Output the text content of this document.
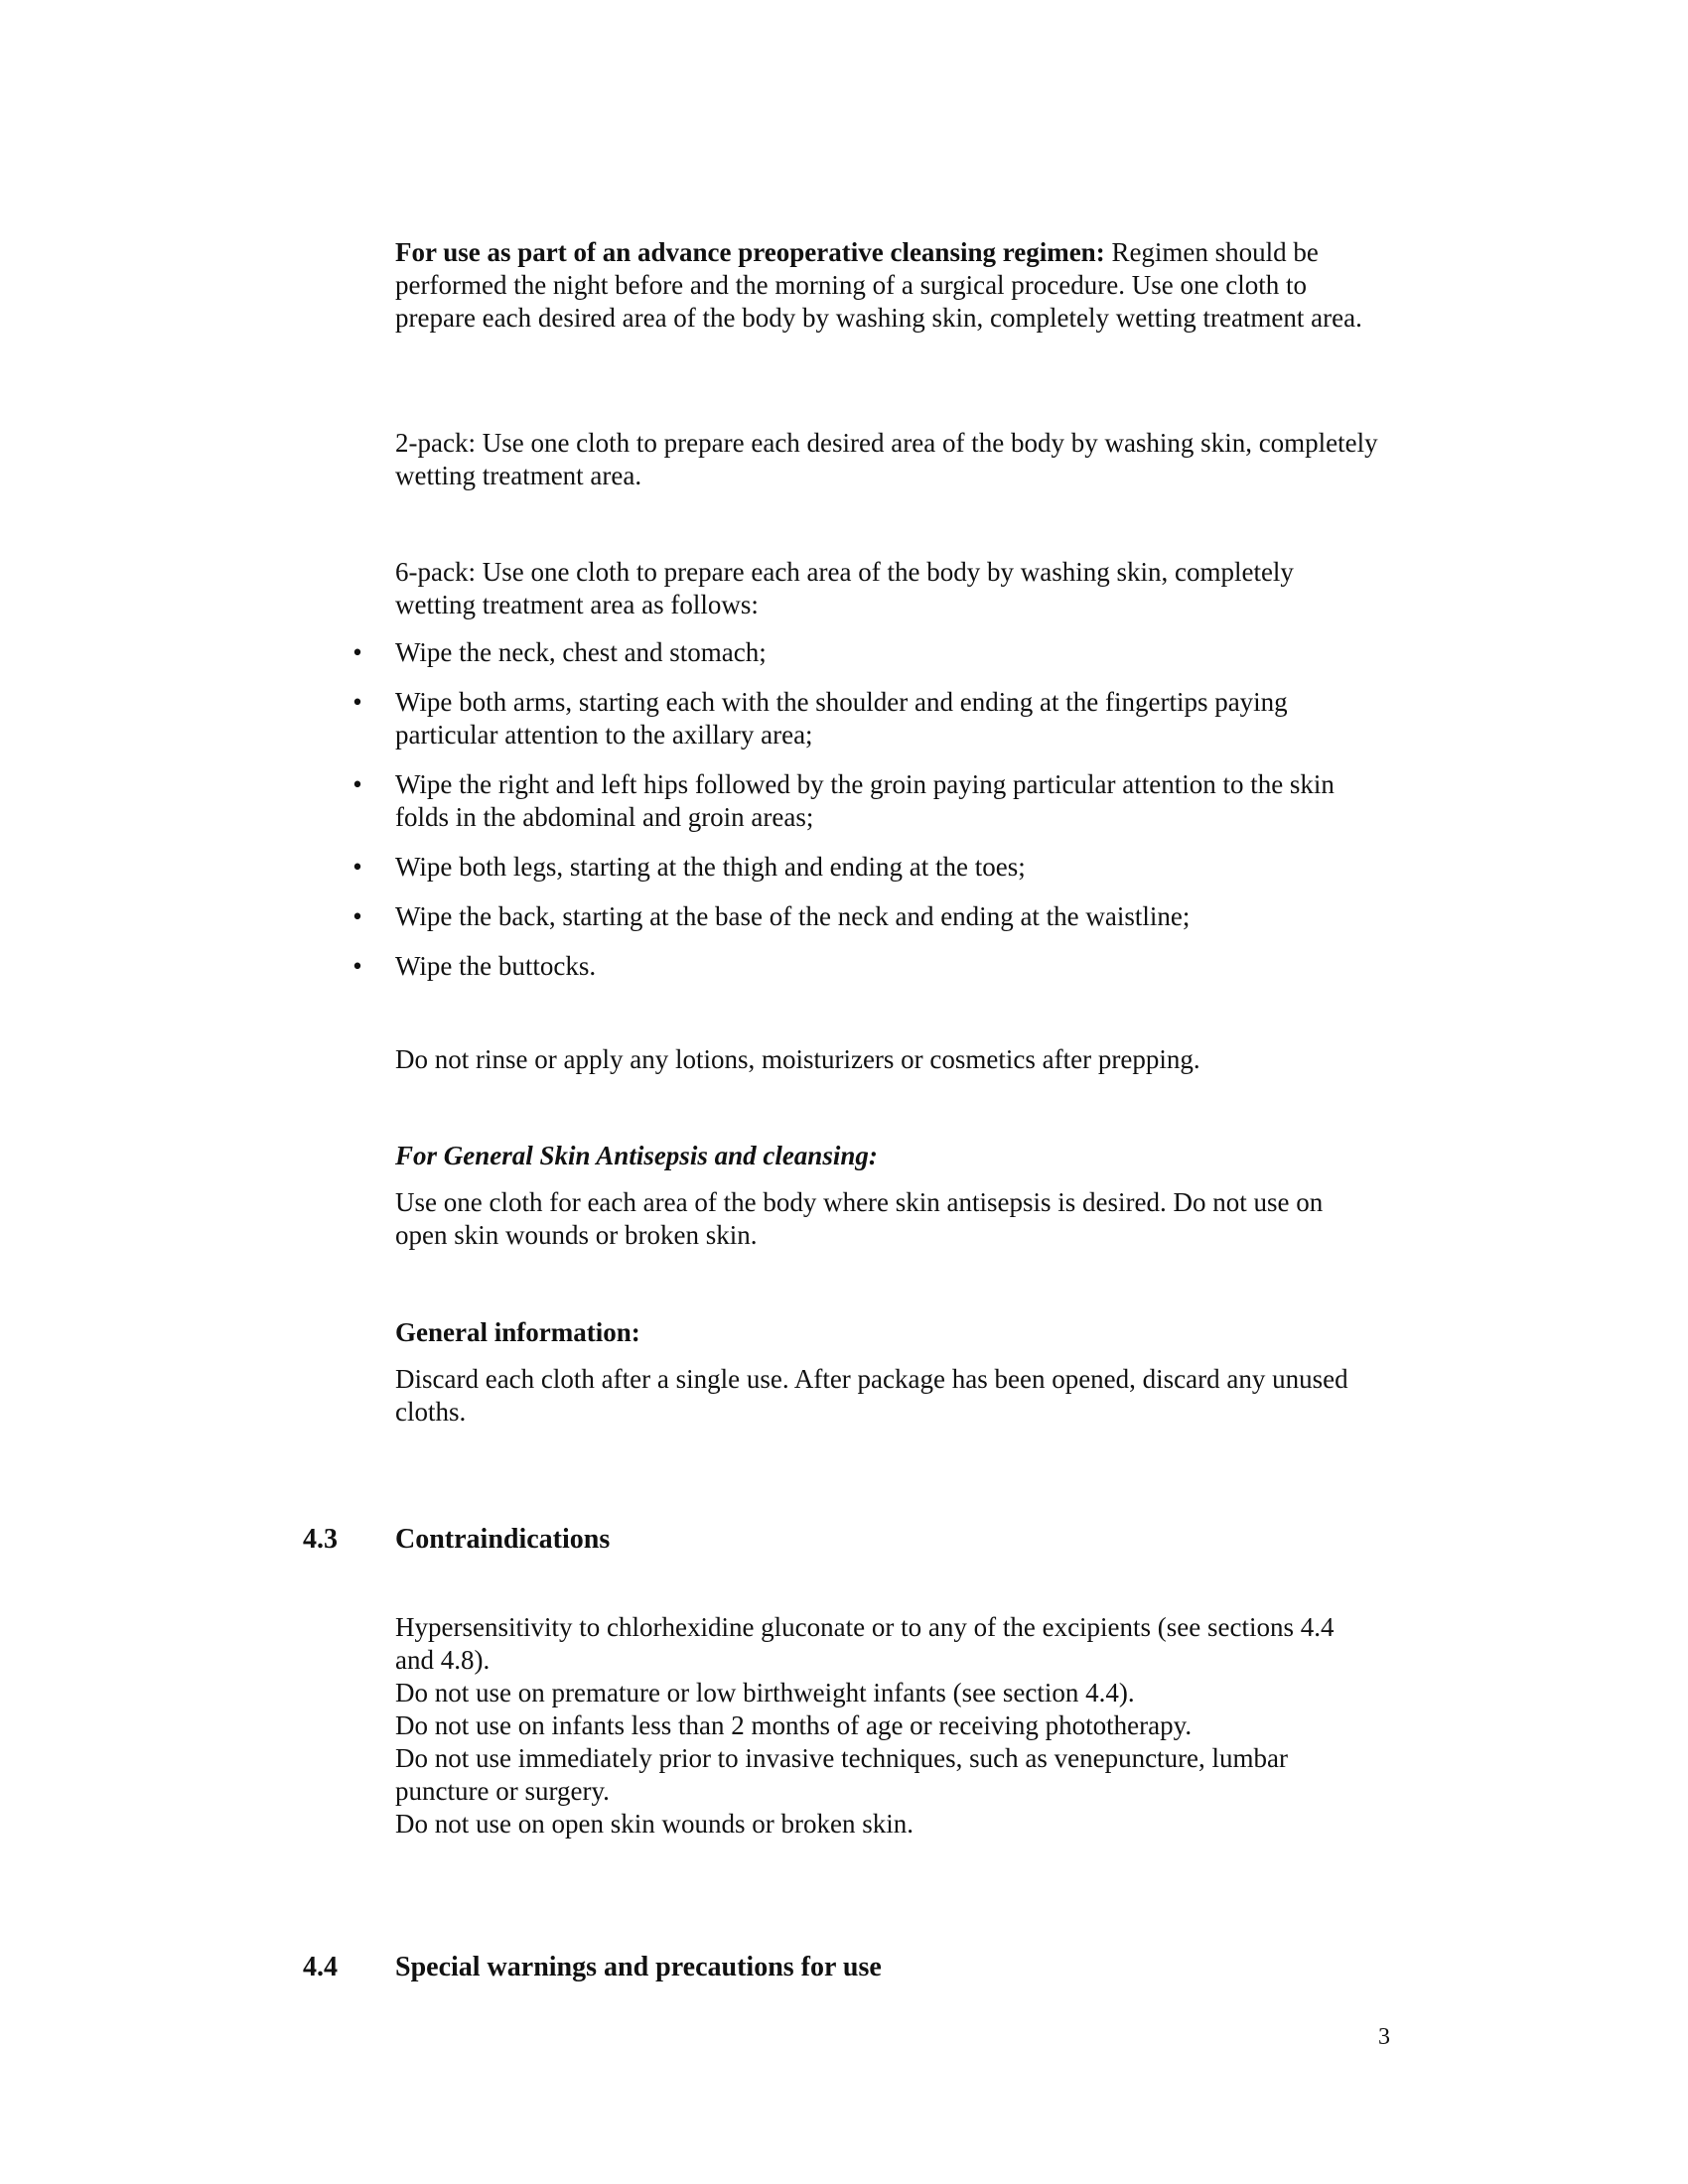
For use as part of an advance preoperative cleansing regimen: Regimen should be performed the night before and the morning of a surgical procedure. Use one cloth to prepare each desired area of the body by washing skin, completely wetting treatment area.

2-pack: Use one cloth to prepare each desired area of the body by washing skin, completely wetting treatment area.

6-pack: Use one cloth to prepare each area of the body by washing skin, completely wetting treatment area as follows:

• Wipe the neck, chest and stomach;
• Wipe both arms, starting each with the shoulder and ending at the fingertips paying particular attention to the axillary area;
• Wipe the right and left hips followed by the groin paying particular attention to the skin folds in the abdominal and groin areas;
• Wipe both legs, starting at the thigh and ending at the toes;
• Wipe the back, starting at the base of the neck and ending at the waistline;
• Wipe the buttocks.

Do not rinse or apply any lotions, moisturizers or cosmetics after prepping.

For General Skin Antisepsis and cleansing:

Use one cloth for each area of the body where skin antisepsis is desired. Do not use on open skin wounds or broken skin.

General information:

Discard each cloth after a single use. After package has been opened, discard any unused cloths.

4.3 Contraindications
Hypersensitivity to chlorhexidine gluconate or to any of the excipients (see sections 4.4 and 4.8).
Do not use on premature or low birthweight infants (see section 4.4).
Do not use on infants less than 2 months of age or receiving phototherapy.
Do not use immediately prior to invasive techniques, such as venepuncture, lumbar puncture or surgery.
Do not use on open skin wounds or broken skin.
4.4 Special warnings and precautions for use
3
